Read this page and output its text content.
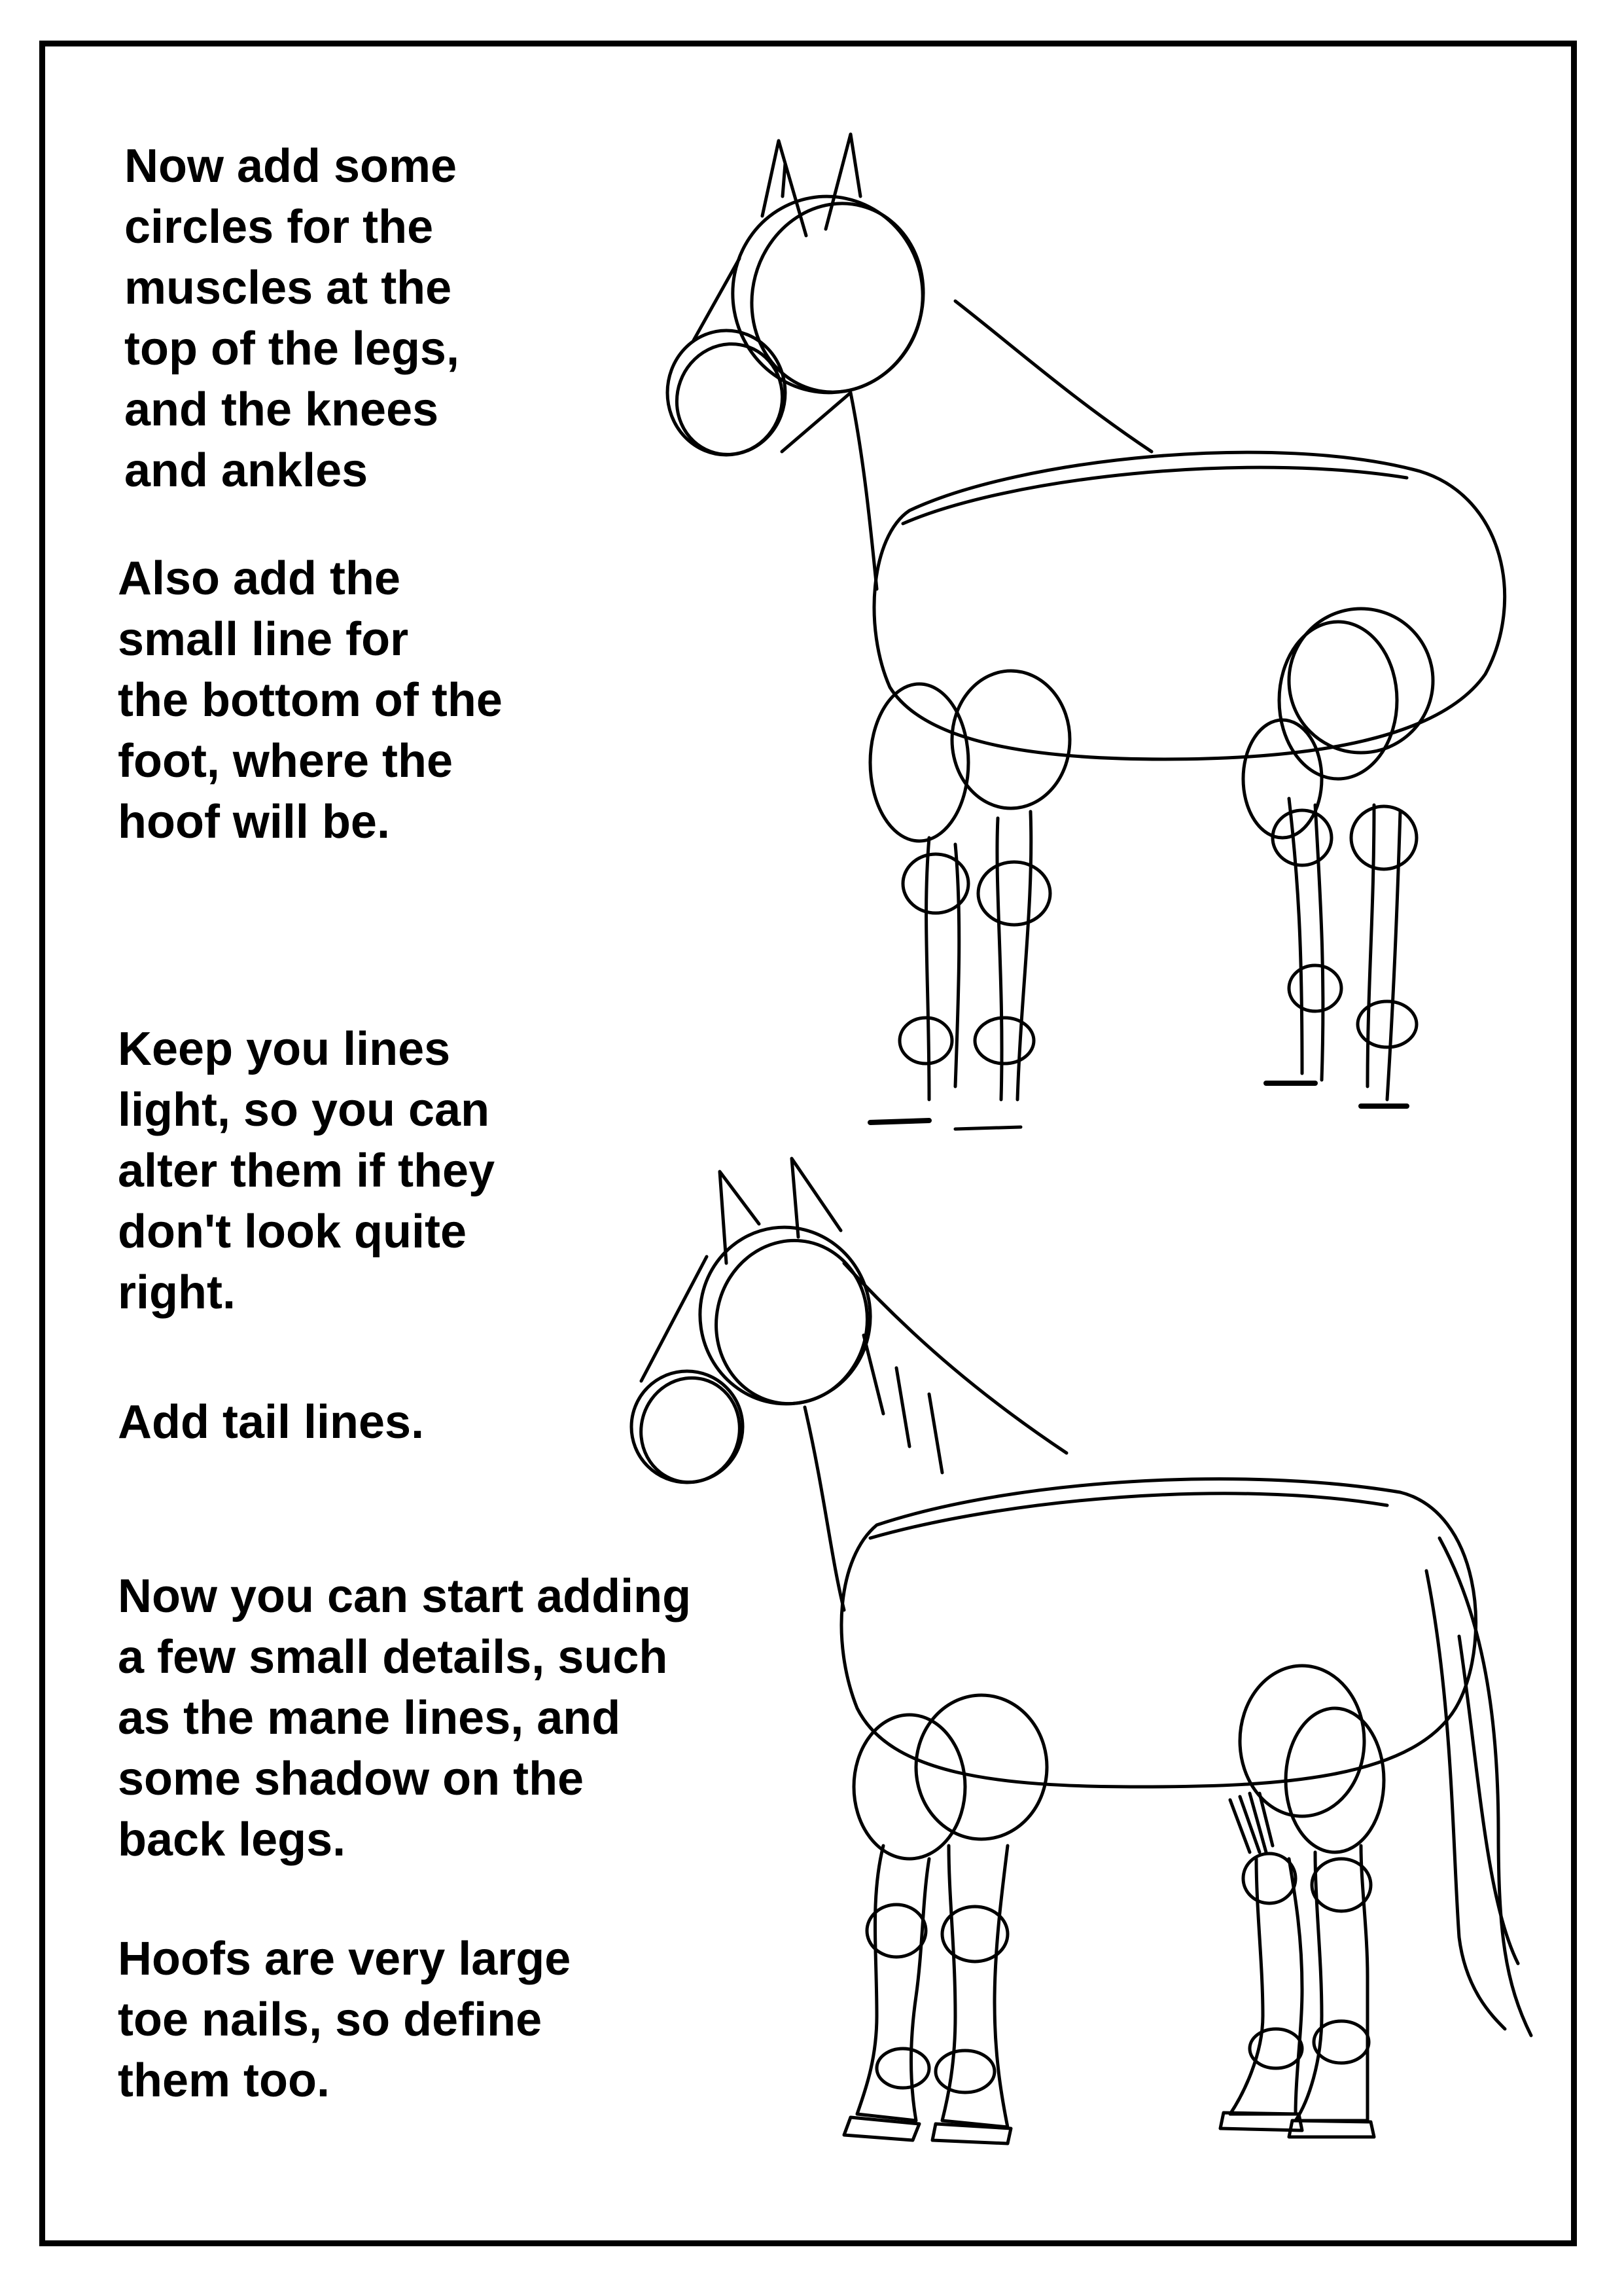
Now add some
circles for the
muscles at the
top of the legs,
and the knees
and ankles

Also add the
small line for
the bottom of the
foot, where the
hoof will be.

Keep you lines
light, so you can
alter them if they
don't look quite
right.

Add tail lines.

Now you can start adding
a few small details, such
as the mane lines, and
some shadow on the
back legs.

Hoofs are very large
toe nails, so define
them too.
